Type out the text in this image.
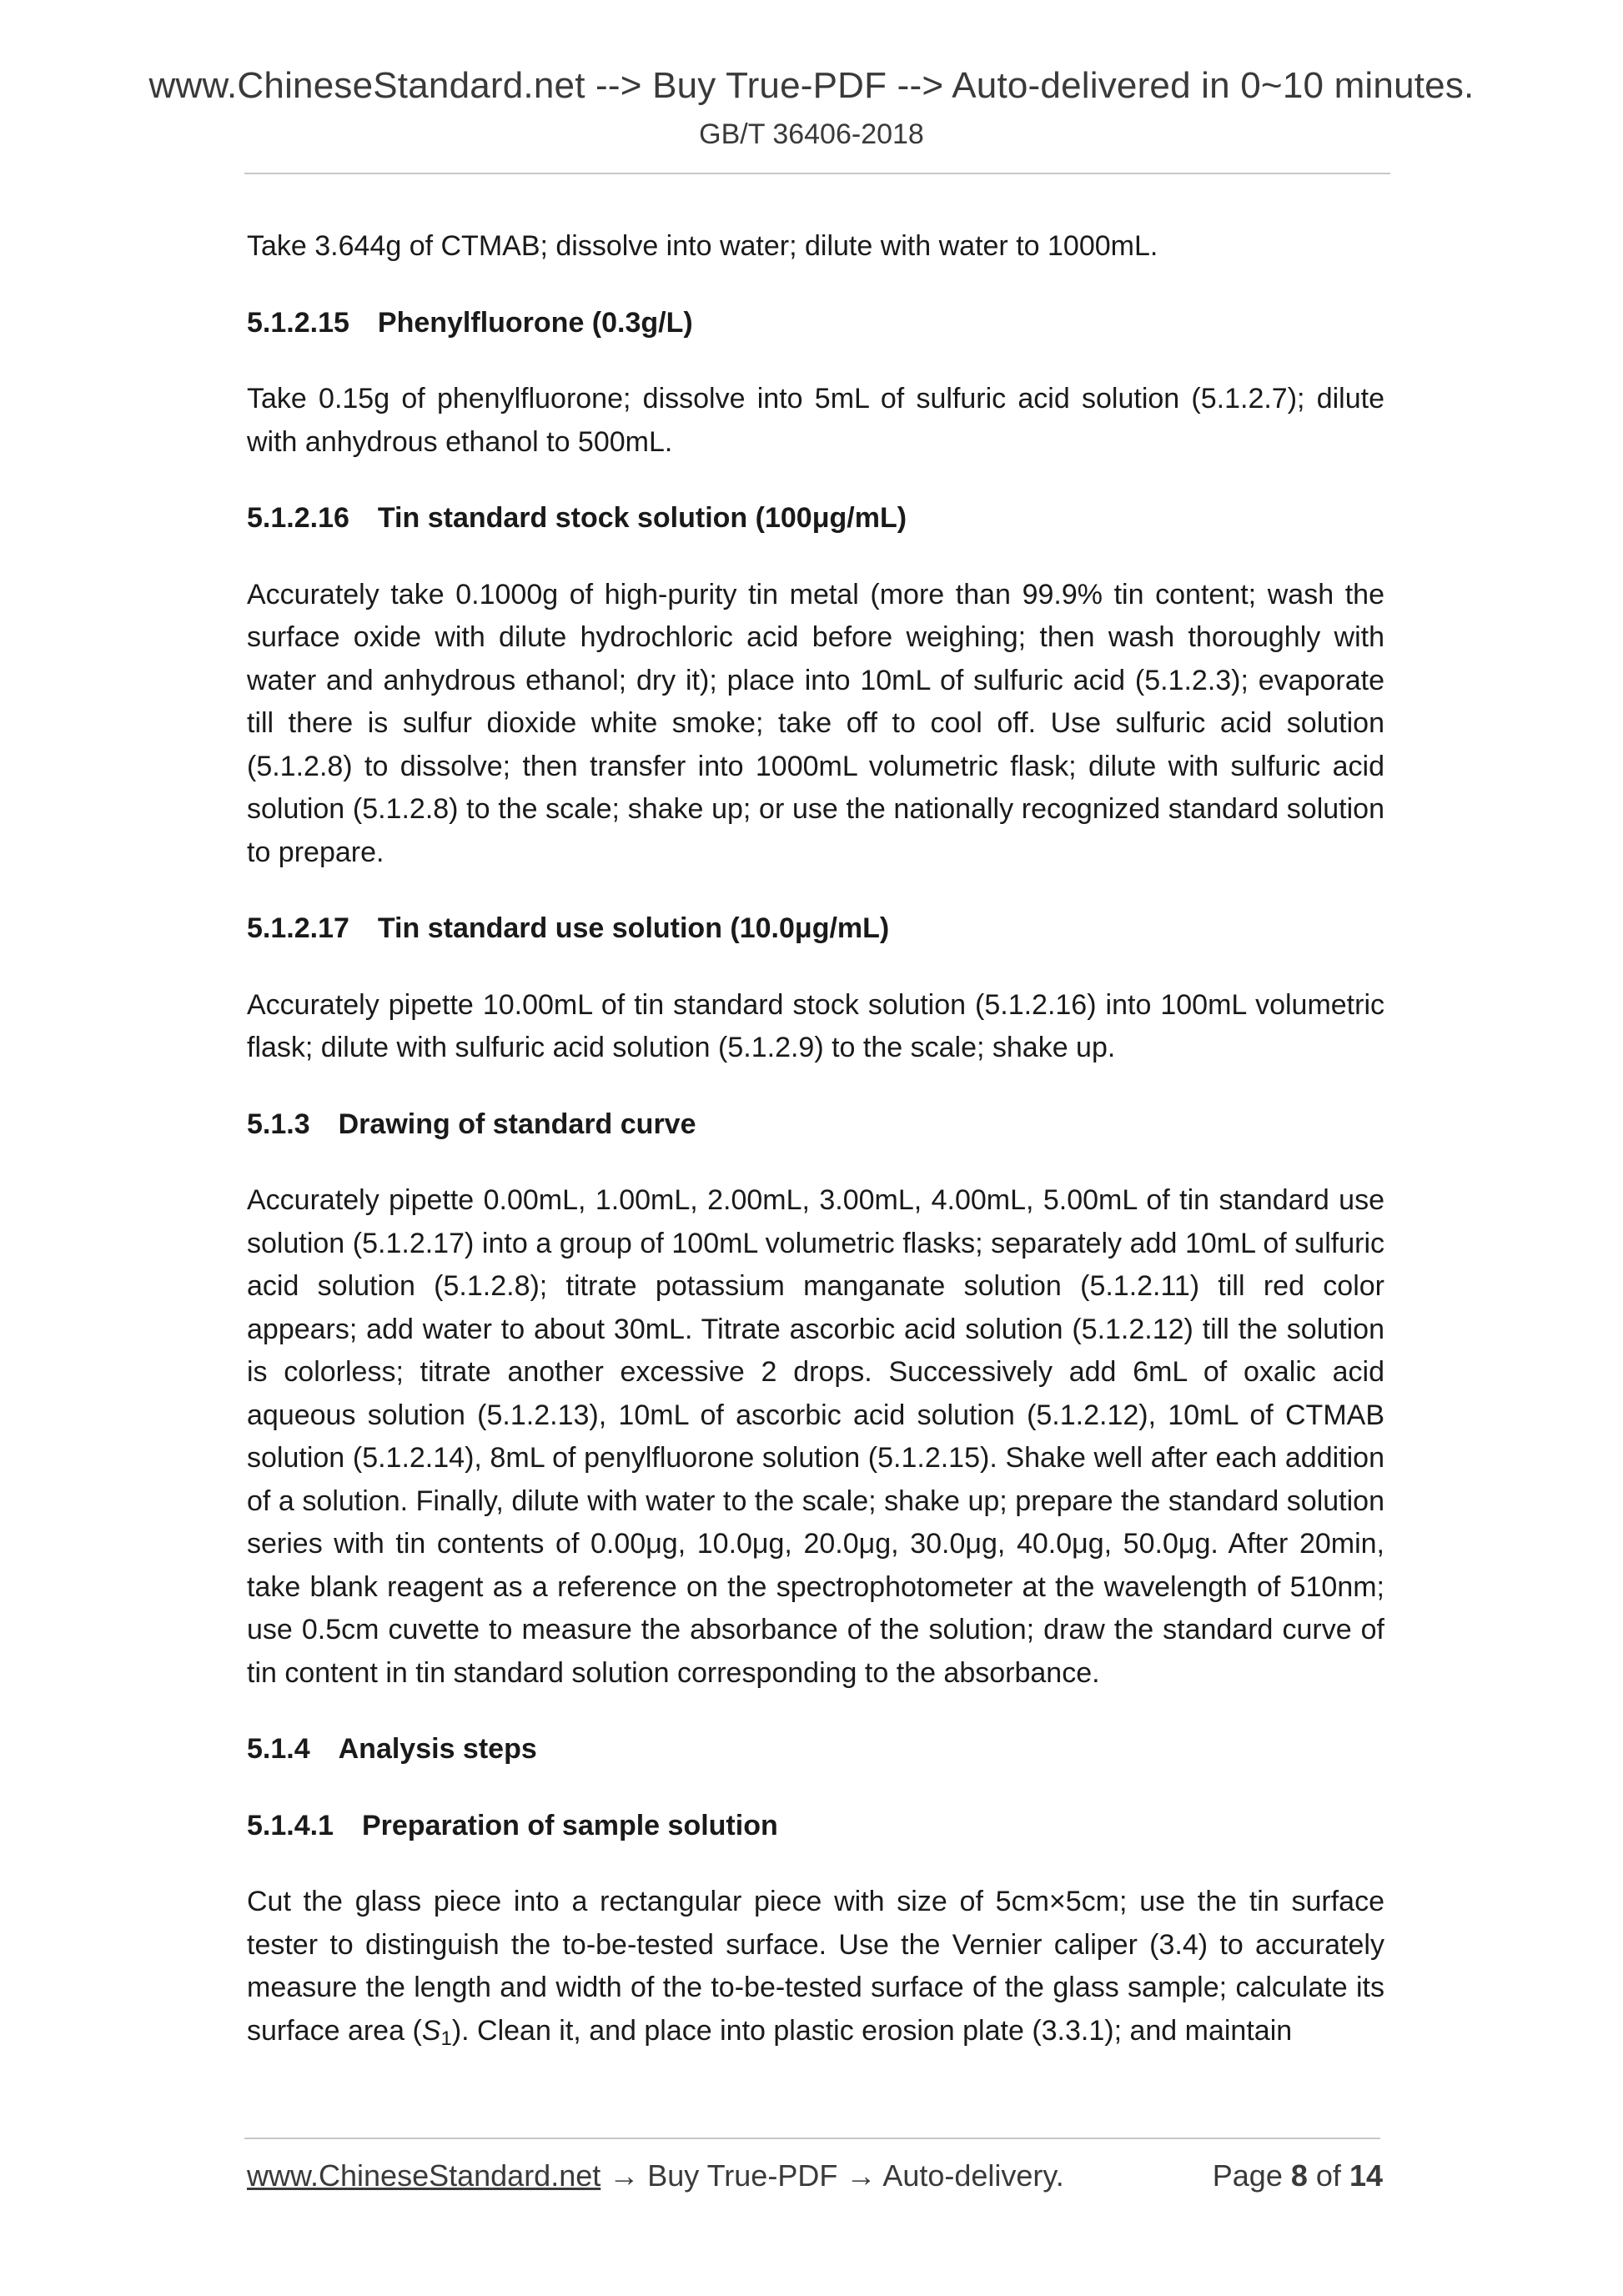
www.ChineseStandard.net --> Buy True-PDF --> Auto-delivered in 0~10 minutes.
GB/T 36406-2018

Take 3.644g of CTMAB; dissolve into water; dilute with water to 1000mL.

5.1.2.15 Phenylfluorone (0.3g/L)

Take 0.15g of phenylfluorone; dissolve into 5mL of sulfuric acid solution (5.1.2.7); dilute with anhydrous ethanol to 500mL.

5.1.2.16 Tin standard stock solution (100μg/mL)

Accurately take 0.1000g of high-purity tin metal (more than 99.9% tin content; wash the surface oxide with dilute hydrochloric acid before weighing; then wash thoroughly with water and anhydrous ethanol; dry it); place into 10mL of sulfuric acid (5.1.2.3); evaporate till there is sulfur dioxide white smoke; take off to cool off. Use sulfuric acid solution (5.1.2.8) to dissolve; then transfer into 1000mL volumetric flask; dilute with sulfuric acid solution (5.1.2.8) to the scale; shake up; or use the nationally recognized standard solution to prepare.

5.1.2.17 Tin standard use solution (10.0μg/mL)

Accurately pipette 10.00mL of tin standard stock solution (5.1.2.16) into 100mL volumetric flask; dilute with sulfuric acid solution (5.1.2.9) to the scale; shake up.

5.1.3 Drawing of standard curve

Accurately pipette 0.00mL, 1.00mL, 2.00mL, 3.00mL, 4.00mL, 5.00mL of tin standard use solution (5.1.2.17) into a group of 100mL volumetric flasks; separately add 10mL of sulfuric acid solution (5.1.2.8); titrate potassium manganate solution (5.1.2.11) till red color appears; add water to about 30mL. Titrate ascorbic acid solution (5.1.2.12) till the solution is colorless; titrate another excessive 2 drops. Successively add 6mL of oxalic acid aqueous solution (5.1.2.13), 10mL of ascorbic acid solution (5.1.2.12), 10mL of CTMAB solution (5.1.2.14), 8mL of penylfluorone solution (5.1.2.15). Shake well after each addition of a solution. Finally, dilute with water to the scale; shake up; prepare the standard solution series with tin contents of 0.00μg, 10.0μg, 20.0μg, 30.0μg, 40.0μg, 50.0μg. After 20min, take blank reagent as a reference on the spectrophotometer at the wavelength of 510nm; use 0.5cm cuvette to measure the absorbance of the solution; draw the standard curve of tin content in tin standard solution corresponding to the absorbance.

5.1.4 Analysis steps
5.1.4.1 Preparation of sample solution

Cut the glass piece into a rectangular piece with size of 5cm×5cm; use the tin surface tester to distinguish the to-be-tested surface. Use the Vernier caliper (3.4) to accurately measure the length and width of the to-be-tested surface of the glass sample; calculate its surface area $(S_1)$. Clean it, and place into plastic erosion plate (3.3.1); and maintain

www.ChineseStandard.net → Buy True-PDF → Auto-delivery.	Page 8 of 14
